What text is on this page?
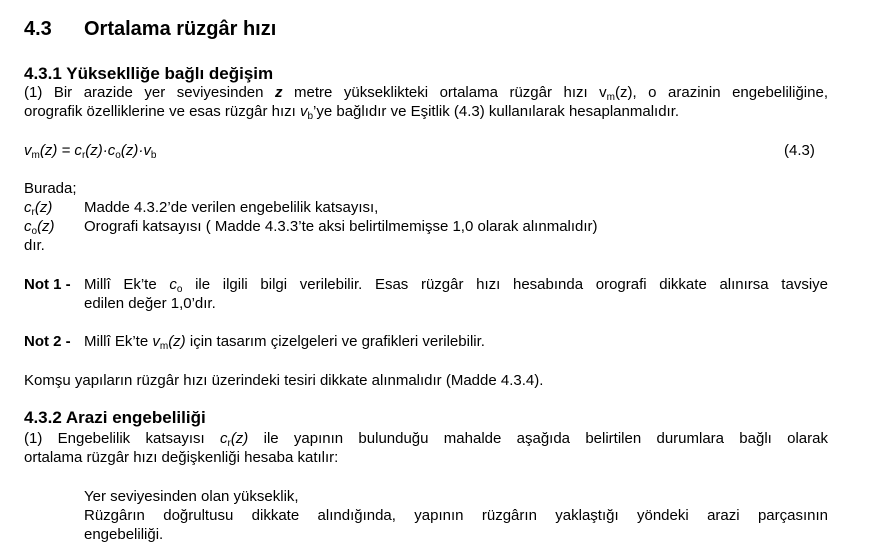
4.3 Ortalama rüzgâr hızı
4.3.1 Yükseklliğe bağlı değişim
(1) Bir arazide yer seviyesinden z metre yükseklikteki ortalama rüzgâr hızı $v_m(z)$, o arazinin engebeliliğine,
orografik özelliklerine ve esas rüzgâr hızı $v_b’ye$ bağlıdır ve Eşitlik (4.3) kullanılarak hesaplanmalıdır.
$v_m(z) = c_r(z)\cdot c_o(z)\cdot v_b$	(4.3)
Burada;
$c_r(z)$ Madde 4.3.2’de verilen engebelilik katsayısı,
$c_o(z)$ Orografi katsayısı ( Madde 4.3.3’te aksi belirtilmemişse 1,0 olarak alınmalıdır)
dır.
Not 1 - Millî Ek’te $c_o$ ile ilgili bilgi verilebilir. Esas rüzgâr hızı hesabında orografi dikkate alınırsa tavsiye
edilen değer 1,0’dır.
Not 2 - Millî Ek’te $v_m(z)$ için tasarım çizelgeleri ve grafikleri verilebilir.
Komşu yapıların rüzgâr hızı üzerindeki tesiri dikkate alınmalıdır (Madde 4.3.4).
4.3.2 Arazi engebeliliği
(1) Engebelilik katsayısı $c_r(z)$ ile yapının bulunduğu mahalde aşağıda belirtilen durumlara bağlı olarak
ortalama rüzgâr hızı değişkenliği hesaba katılır:
Yer seviyesinden olan yükseklik,
Rüzgârın doğrultusu dikkate alındığında, yapının rüzgârın yaklaştığı yöndeki arazi parçasının
engebeliliği.
